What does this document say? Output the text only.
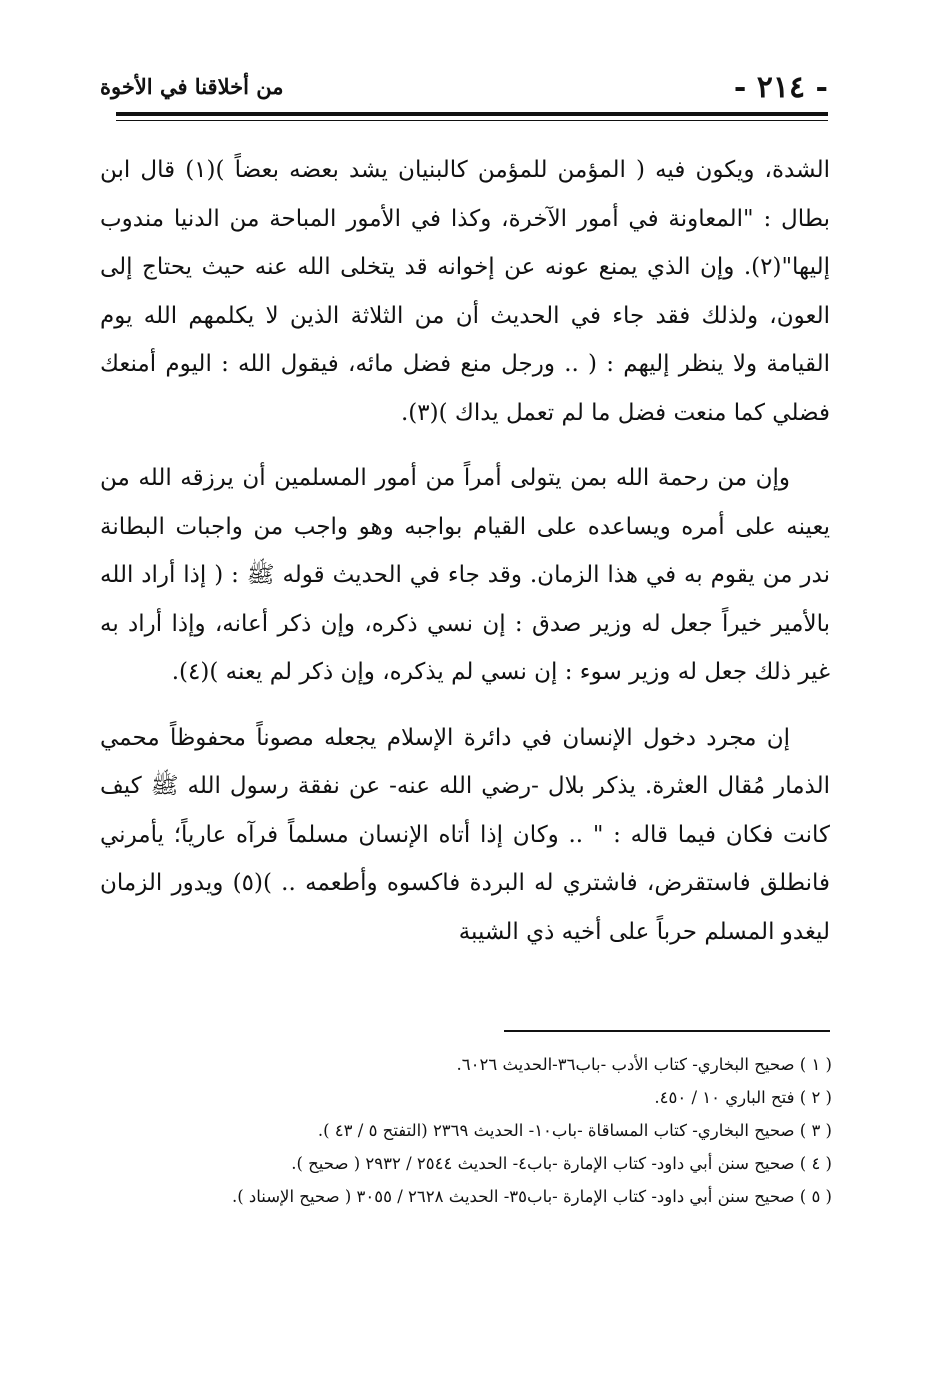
- ٢١٤ -
من أخلاقنا في الأخوة

الشدة، ويكون فيه ( المؤمن للمؤمن كالبنيان يشد بعضه بعضاً )(١) قال ابن بطال : "المعاونة في أمور الآخرة، وكذا في الأمور المباحة من الدنيا مندوب إليها"(٢). وإن الذي يمنع عونه عن إخوانه قد يتخلى الله عنه حيث يحتاج إلى العون، ولذلك فقد جاء في الحديث أن من الثلاثة الذين لا يكلمهم الله يوم القيامة ولا ينظر إليهم : ( .. ورجل منع فضل مائه، فيقول الله : اليوم أمنعك فضلي كما منعت فضل ما لم تعمل يداك )(٣).

وإن من رحمة الله بمن يتولى أمراً من أمور المسلمين أن يرزقه الله من يعينه على أمره ويساعده على القيام بواجبه وهو واجب من واجبات البطانة ندر من يقوم به في هذا الزمان. وقد جاء في الحديث قوله ﷺ : ( إذا أراد الله بالأمير خيراً جعل له وزير صدق : إن نسي ذكره، وإن ذكر أعانه، وإذا أراد به غير ذلك جعل له وزير سوء : إن نسي لم يذكره، وإن ذكر لم يعنه )(٤).

إن مجرد دخول الإنسان في دائرة الإسلام يجعله مصوناً محفوظاً محمي الذمار مُقال العثرة. يذكر بلال -رضي الله عنه- عن نفقة رسول الله ﷺ كيف كانت فكان فيما قاله : " .. وكان إذا أتاه الإنسان مسلماً فرآه عارياً؛ يأمرني فانطلق فاستقرض، فاشتري له البردة فاكسوه وأطعمه .. )(٥) ويدور الزمان ليغدو المسلم حرباً على أخيه ذي الشيبة

( ١ ) صحيح البخاري- كتاب الأدب -باب٣٦-الحديث ٦٠٢٦.

( ٢ ) فتح الباري ١٠ / ٤٥٠.

( ٣ ) صحيح البخاري- كتاب المساقاة -باب١٠- الحديث ٢٣٦٩ (التفتح ٥ / ٤٣ ).

( ٤ ) صحيح سنن أبي داود- كتاب الإمارة -باب٤- الحديث ٢٥٤٤ / ٢٩٣٢ ( صحيح ).

( ٥ ) صحيح سنن أبي داود- كتاب الإمارة -باب٣٥- الحديث ٢٦٢٨ / ٣٠٥٥ ( صحيح الإسناد ).
